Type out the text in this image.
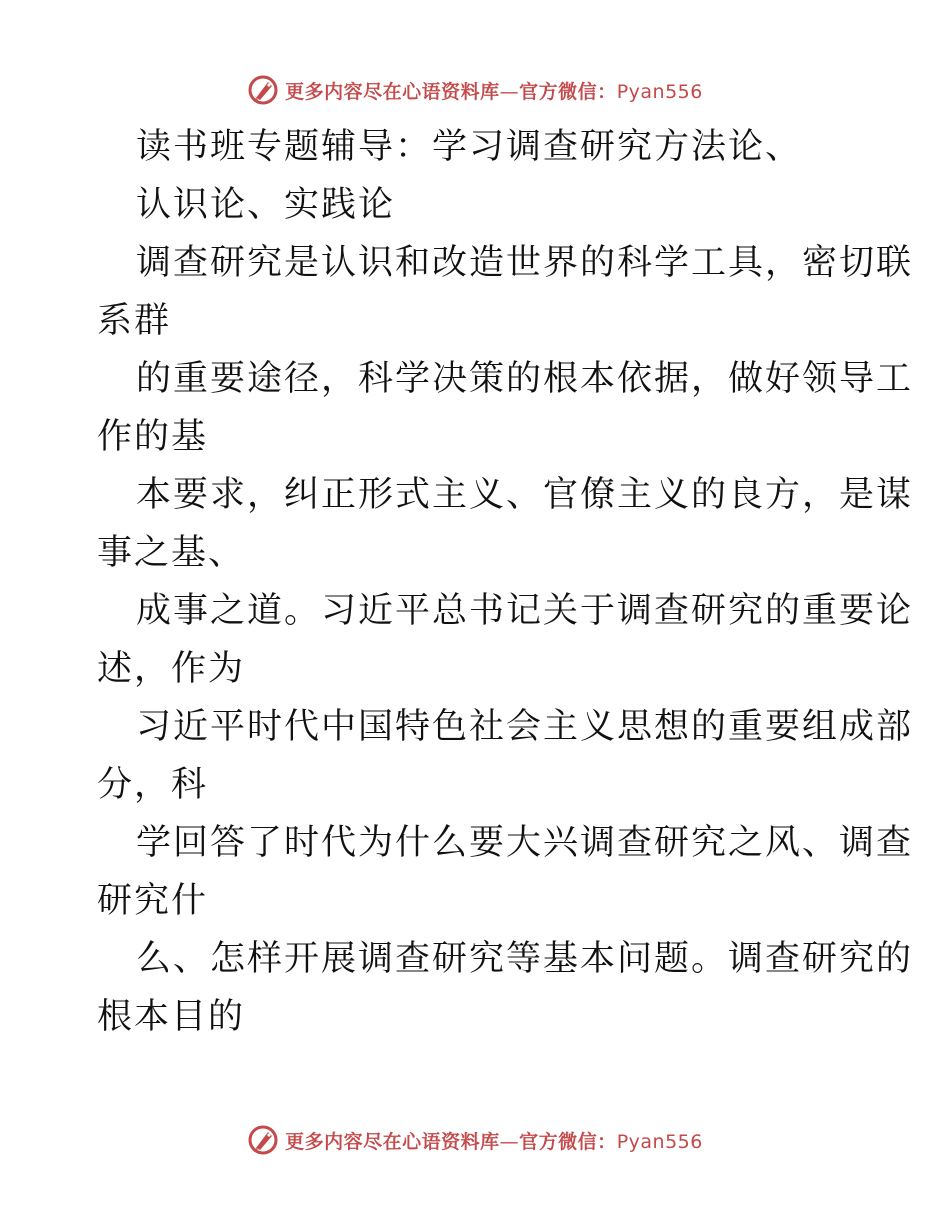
更多内容尽在心语资料库—官方微信：Pyan556
读书班专题辅导：学习调查研究方法论、
认识论、实践论
调查研究是认识和改造世界的科学工具，密切联
系群
的重要途径，科学决策的根本依据，做好领导工
作的基
本要求，纠正形式主义、官僚主义的良方，是谋
事之基、
成事之道。习近平总书记关于调查研究的重要论
述，作为
习近平时代中国特色社会主义思想的重要组成部
分，科
学回答了时代为什么要大兴调查研究之风、调查
研究什
么、怎样开展调查研究等基本问题。调查研究的
根本目的
更多内容尽在心语资料库—官方微信：Pyan556
